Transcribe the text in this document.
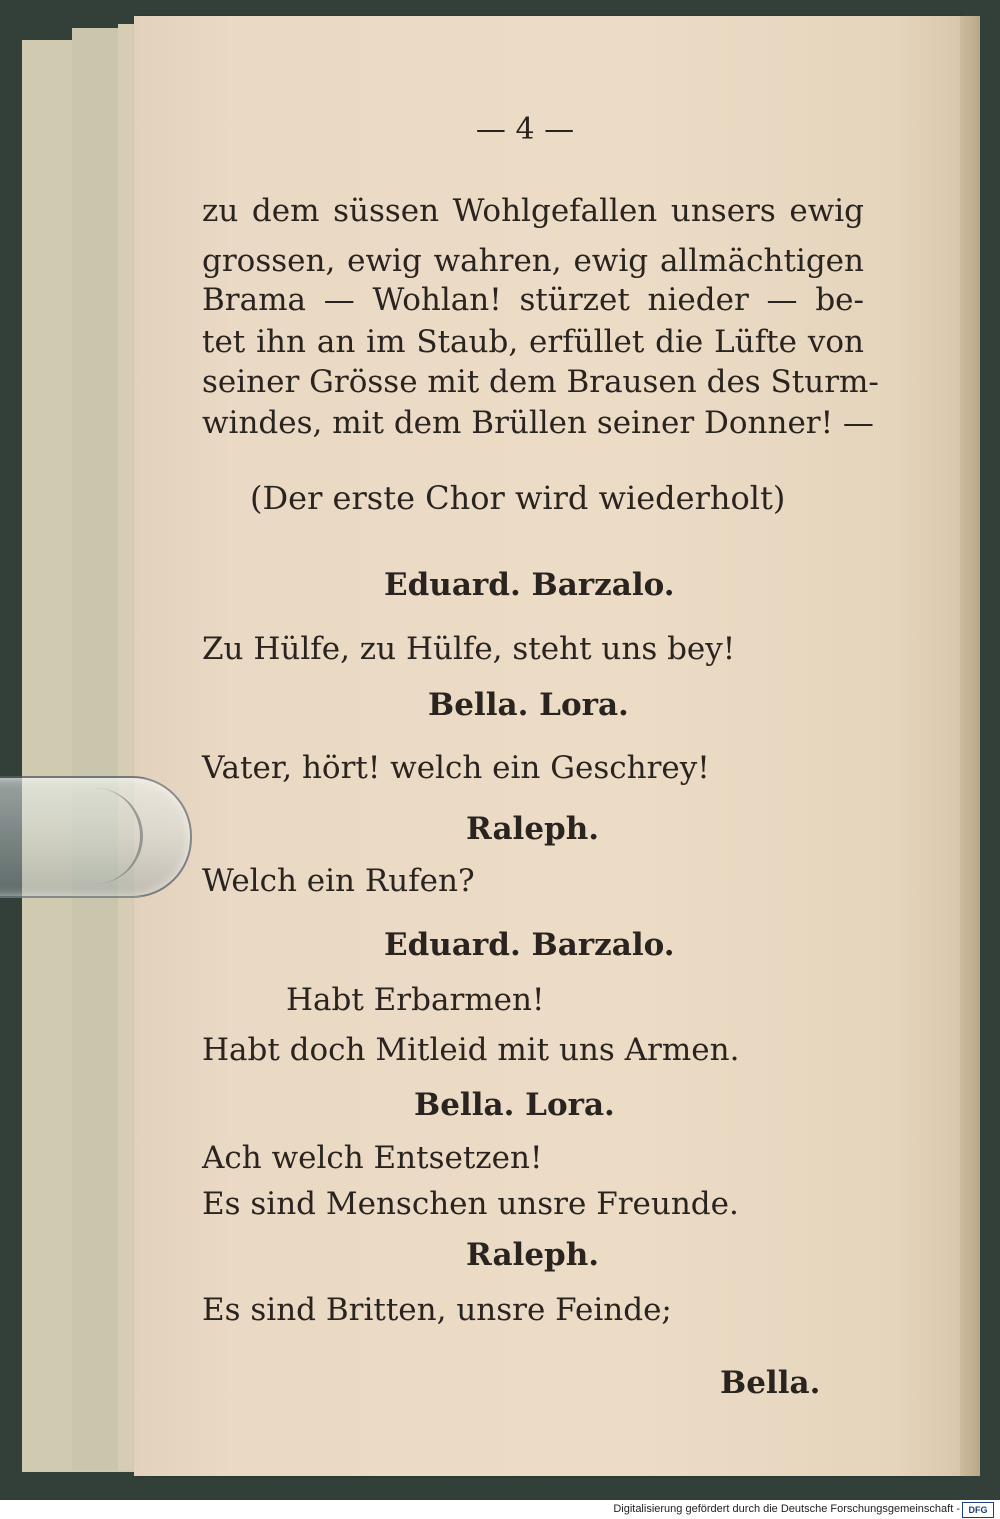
— 4 —
zu dem süssen Wohlgefallen unsers ewig
grossen, ewig wahren, ewig allmächtigen
Brama — Wohlan! stürzet nieder — be-
tet ihn an im Staub, erfüllet die Lüfte von
seiner Grösse mit dem Brausen des Sturm-
windes, mit dem Brüllen seiner Donner! —
(Der erste Chor wird wiederholt)
Eduard. Barzalo.
Zu Hülfe, zu Hülfe, steht uns bey!
Bella. Lora.
Vater, hört! welch ein Geschrey!
Raleph.
Welch ein Rufen?
Eduard. Barzalo.
Habt Erbarmen!
Habt doch Mitleid mit uns Armen.
Bella. Lora.
Ach welch Entsetzen!
Es sind Menschen unsre Freunde.
Raleph.
Es sind Britten, unsre Feinde;
Bella.
Digitalisierung gefördert durch die Deutsche Forschungsgemeinschaft - DFG
